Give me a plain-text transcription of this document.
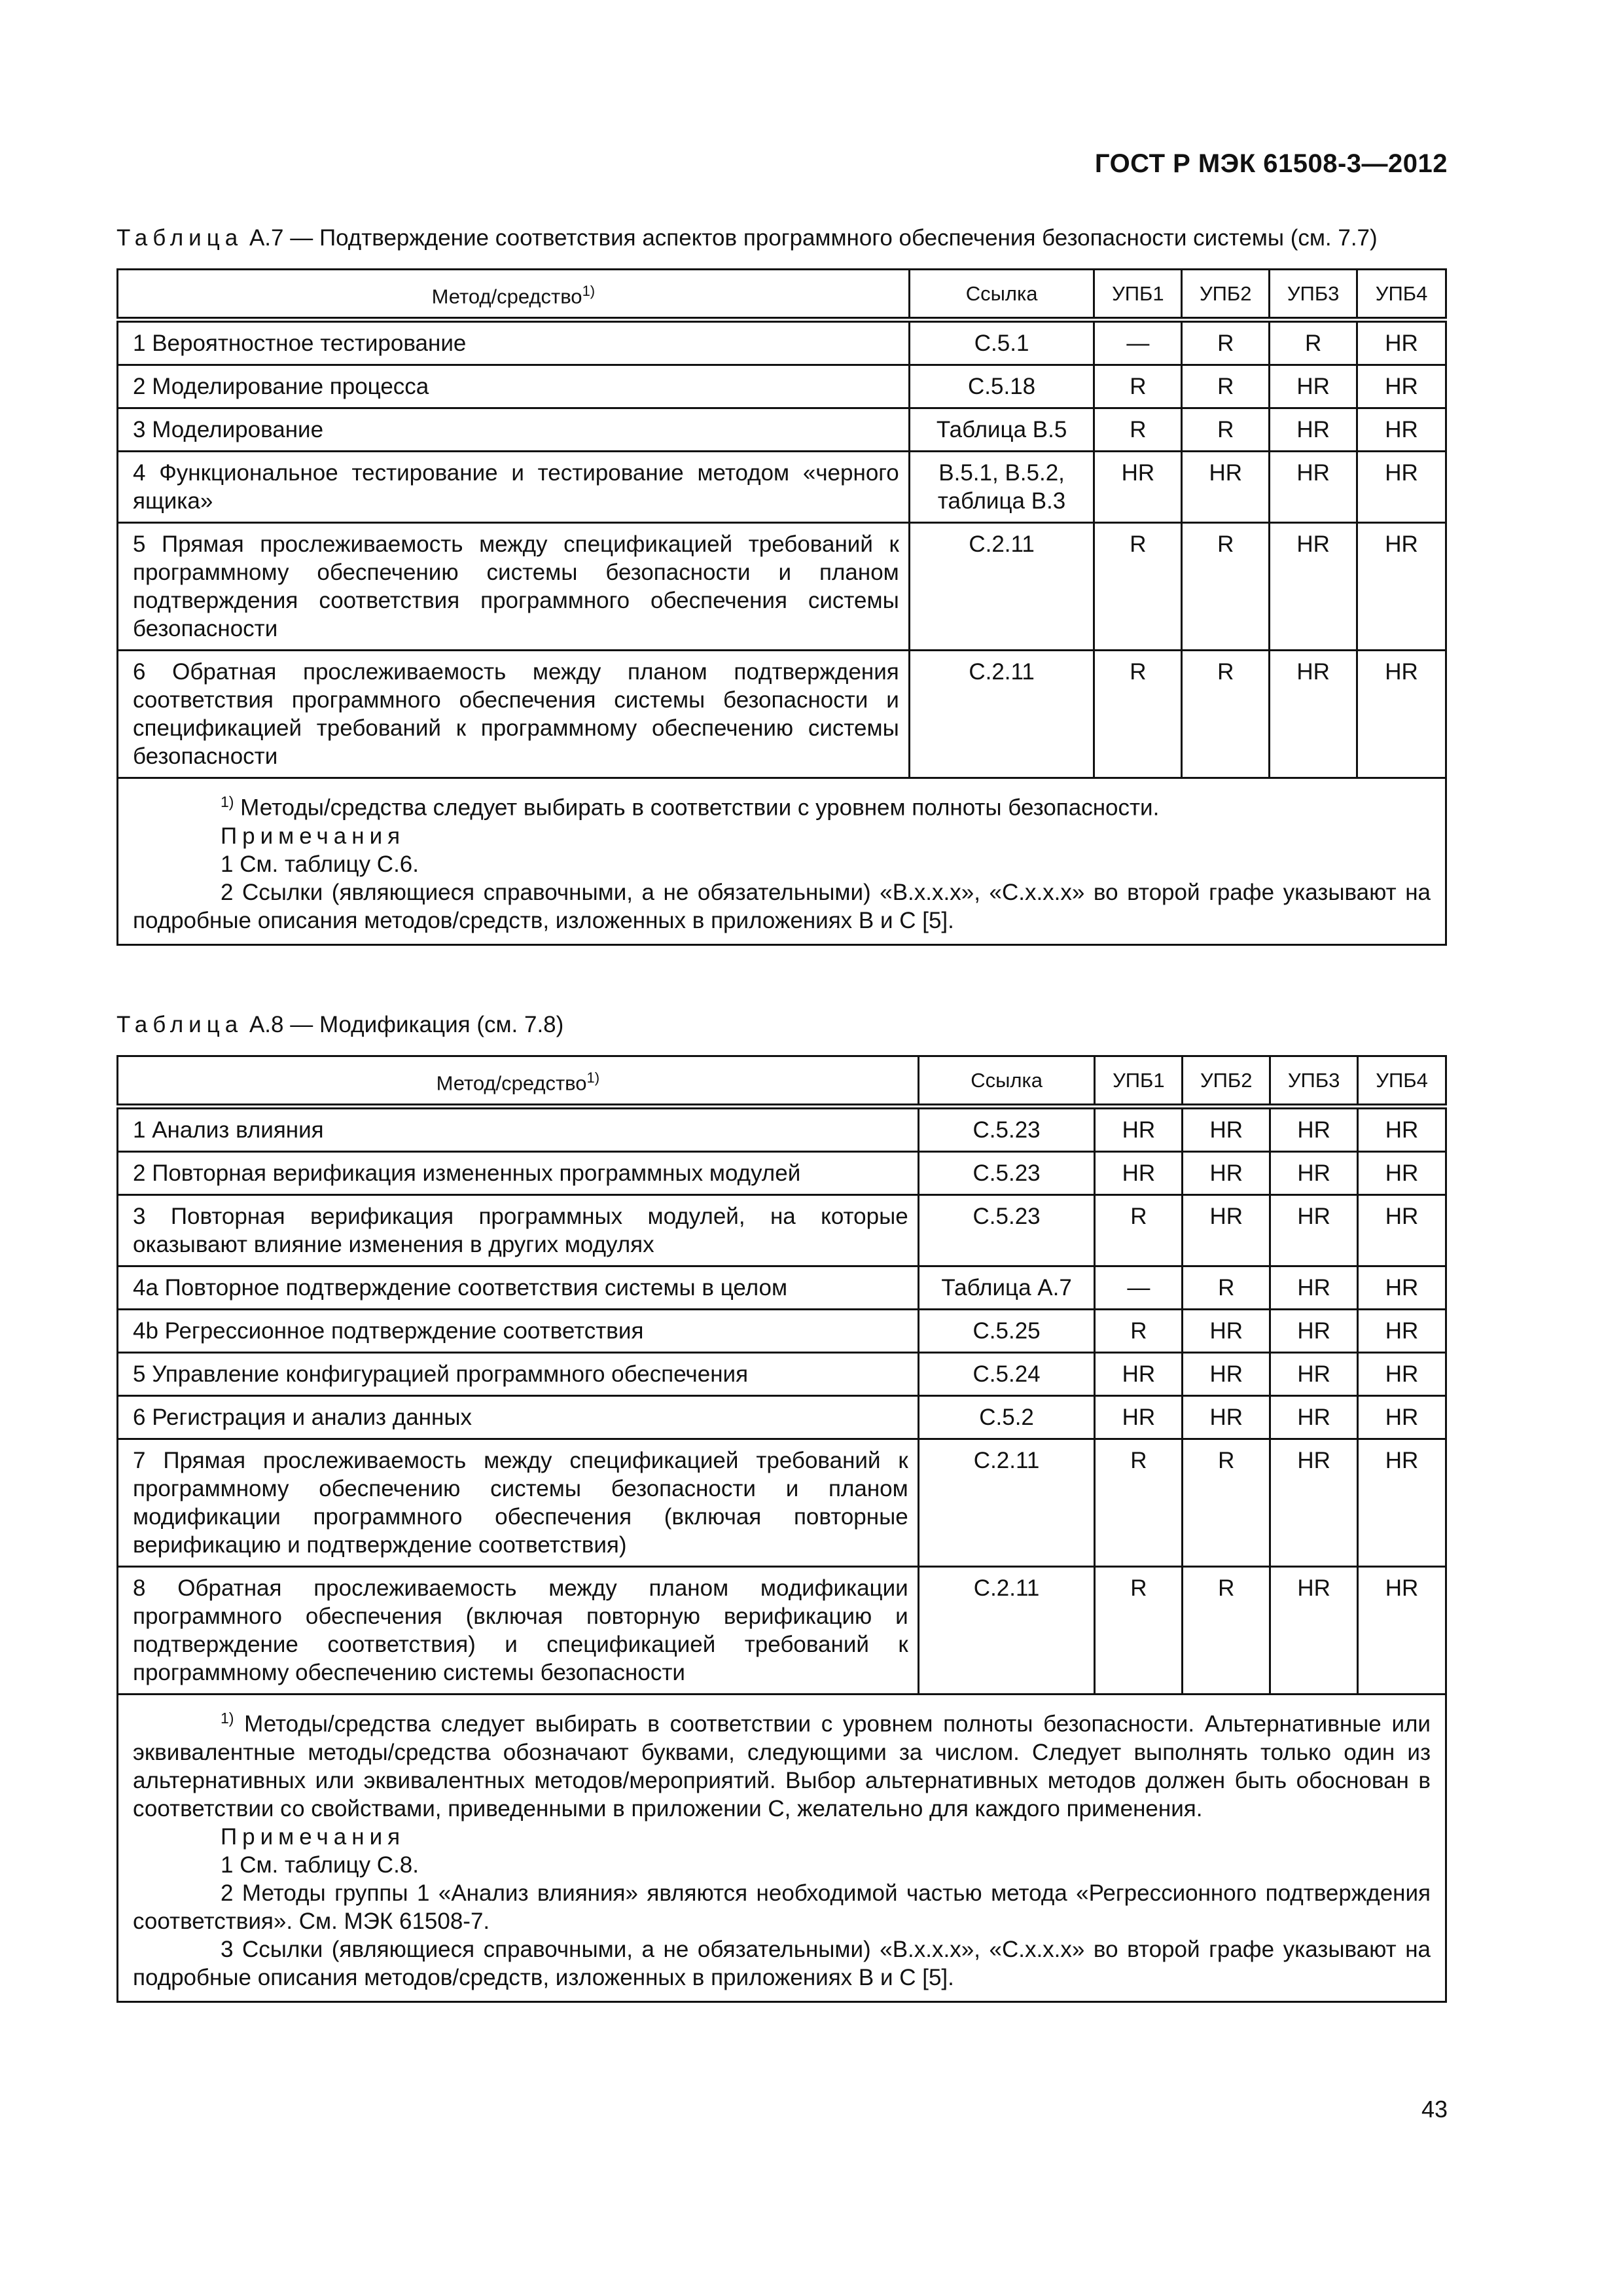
ГОСТ Р МЭК 61508-3—2012
Таблица А.7 — Подтверждение соответствия аспектов программного обеспечения безопасности системы (см. 7.7)
Метод/средство$^{1)}$	Ссылка	УПБ1	УПБ2	УПБ3	УПБ4
1 Вероятностное тестирование	С.5.1	—	R	R	HR
2 Моделирование процесса	С.5.18	R	R	HR	HR
3 Моделирование	Таблица В.5	R	R	HR	HR
4 Функциональное тестирование и тестирование методом «черного ящика»	В.5.1, В.5.2, таблица В.3	HR	HR	HR	HR
5 Прямая прослеживаемость между спецификацией требований к программному обеспечению системы безопасности и планом подтверждения соответствия программного обеспечения системы безопасности	С.2.11	R	R	HR	HR
6 Обратная прослеживаемость между планом подтверждения соответствия программного обеспечения системы безопасности и спецификацией требований к программному обеспечению системы безопасности	С.2.11	R	R	HR	HR

$^{1)}$ Методы/средства следует выбирать в соответствии с уровнем полноты безопасности.

Примечания

1 См. таблицу С.6.

2 Ссылки (являющиеся справочными, а не обязательными) «В.х.х.х», «С.х.х.х» во второй графе указывают на подробные описания методов/средств, изложенных в приложениях В и С [5].					

Таблица А.8 — Модификация (см. 7.8)
Метод/средство$^{1)}$	Ссылка	УПБ1	УПБ2	УПБ3	УПБ4
1 Анализ влияния	С.5.23	HR	HR	HR	HR
2 Повторная верификация измененных программных модулей	С.5.23	HR	HR	HR	HR
3 Повторная верификация программных модулей, на которые оказывают влияние изменения в других модулях	С.5.23	R	HR	HR	HR
4a Повторное подтверждение соответствия системы в целом	Таблица А.7	—	R	HR	HR
4b Регрессионное подтверждение соответствия	С.5.25	R	HR	HR	HR
5 Управление конфигурацией программного обеспечения	С.5.24	HR	HR	HR	HR
6 Регистрация и анализ данных	С.5.2	HR	HR	HR	HR
7 Прямая прослеживаемость между спецификацией требований к программному обеспечению системы безопасности и планом модификации программного обеспечения (включая повторные верификацию и подтверждение соответствия)	С.2.11	R	R	HR	HR
8 Обратная прослеживаемость между планом модификации программного обеспечения (включая повторную верификацию и подтверждение соответствия) и спецификацией требований к программному обеспечению системы безопасности	С.2.11	R	R	HR	HR

$^{1)}$ Методы/средства следует выбирать в соответствии с уровнем полноты безопасности. Альтернативные или эквивалентные методы/средства обозначают буквами, следующими за числом. Следует выполнять только один из альтернативных или эквивалентных методов/мероприятий. Выбор альтернативных методов должен быть обоснован в соответствии со свойствами, приведенными в приложении С, желательно для каждого применения.

Примечания

1 См. таблицу С.8.

2 Методы группы 1 «Анализ влияния» являются необходимой частью метода «Регрессионного подтверждения соответствия». См. МЭК 61508-7.

3 Ссылки (являющиеся справочными, а не обязательными) «В.х.х.х», «С.х.х.х» во второй графе указывают на подробные описания методов/средств, изложенных в приложениях В и С [5].					

43
